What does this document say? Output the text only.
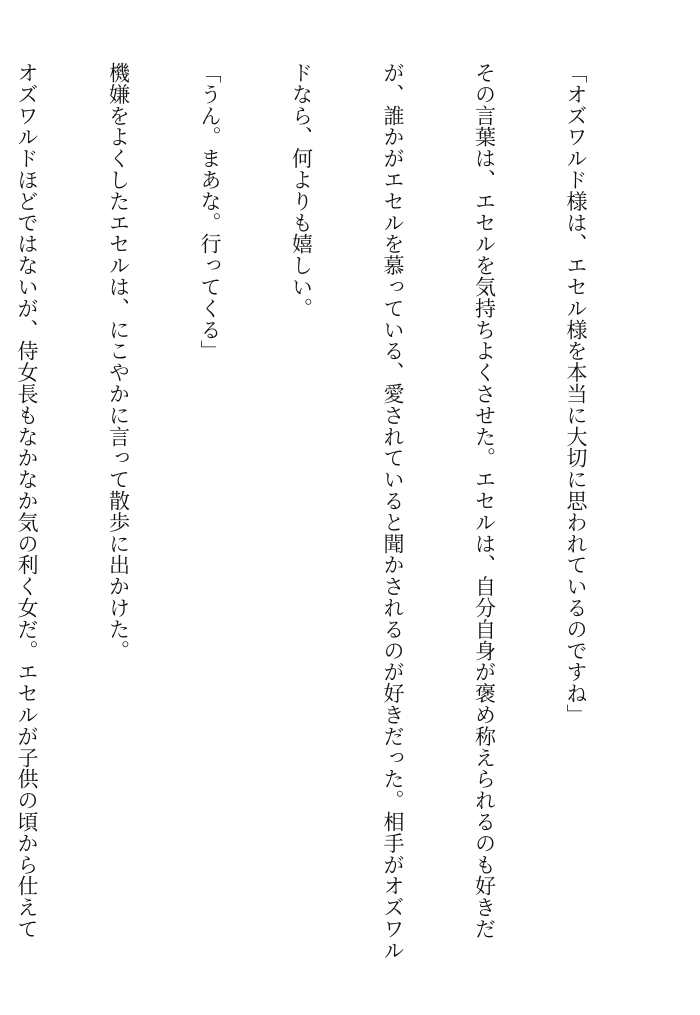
「オズワルド様は、エセル様を本当に大切に思われているのですね」

その言葉は、エセルを気持ちよくさせた。エセルは、自分自身が褒め称えられるのも好きだ

が、誰かがエセルを慕っている、愛されていると聞かされるのが好きだった。相手がオズワル

ドなら、何よりも嬉しい。

「うん。まあな。行ってくる」

機嫌をよくしたエセルは、にこやかに言って散歩に出かけた。

オズワルドほどではないが、侍女長もなかなか気の利く女だ。エセルが子供の頃から仕えて
